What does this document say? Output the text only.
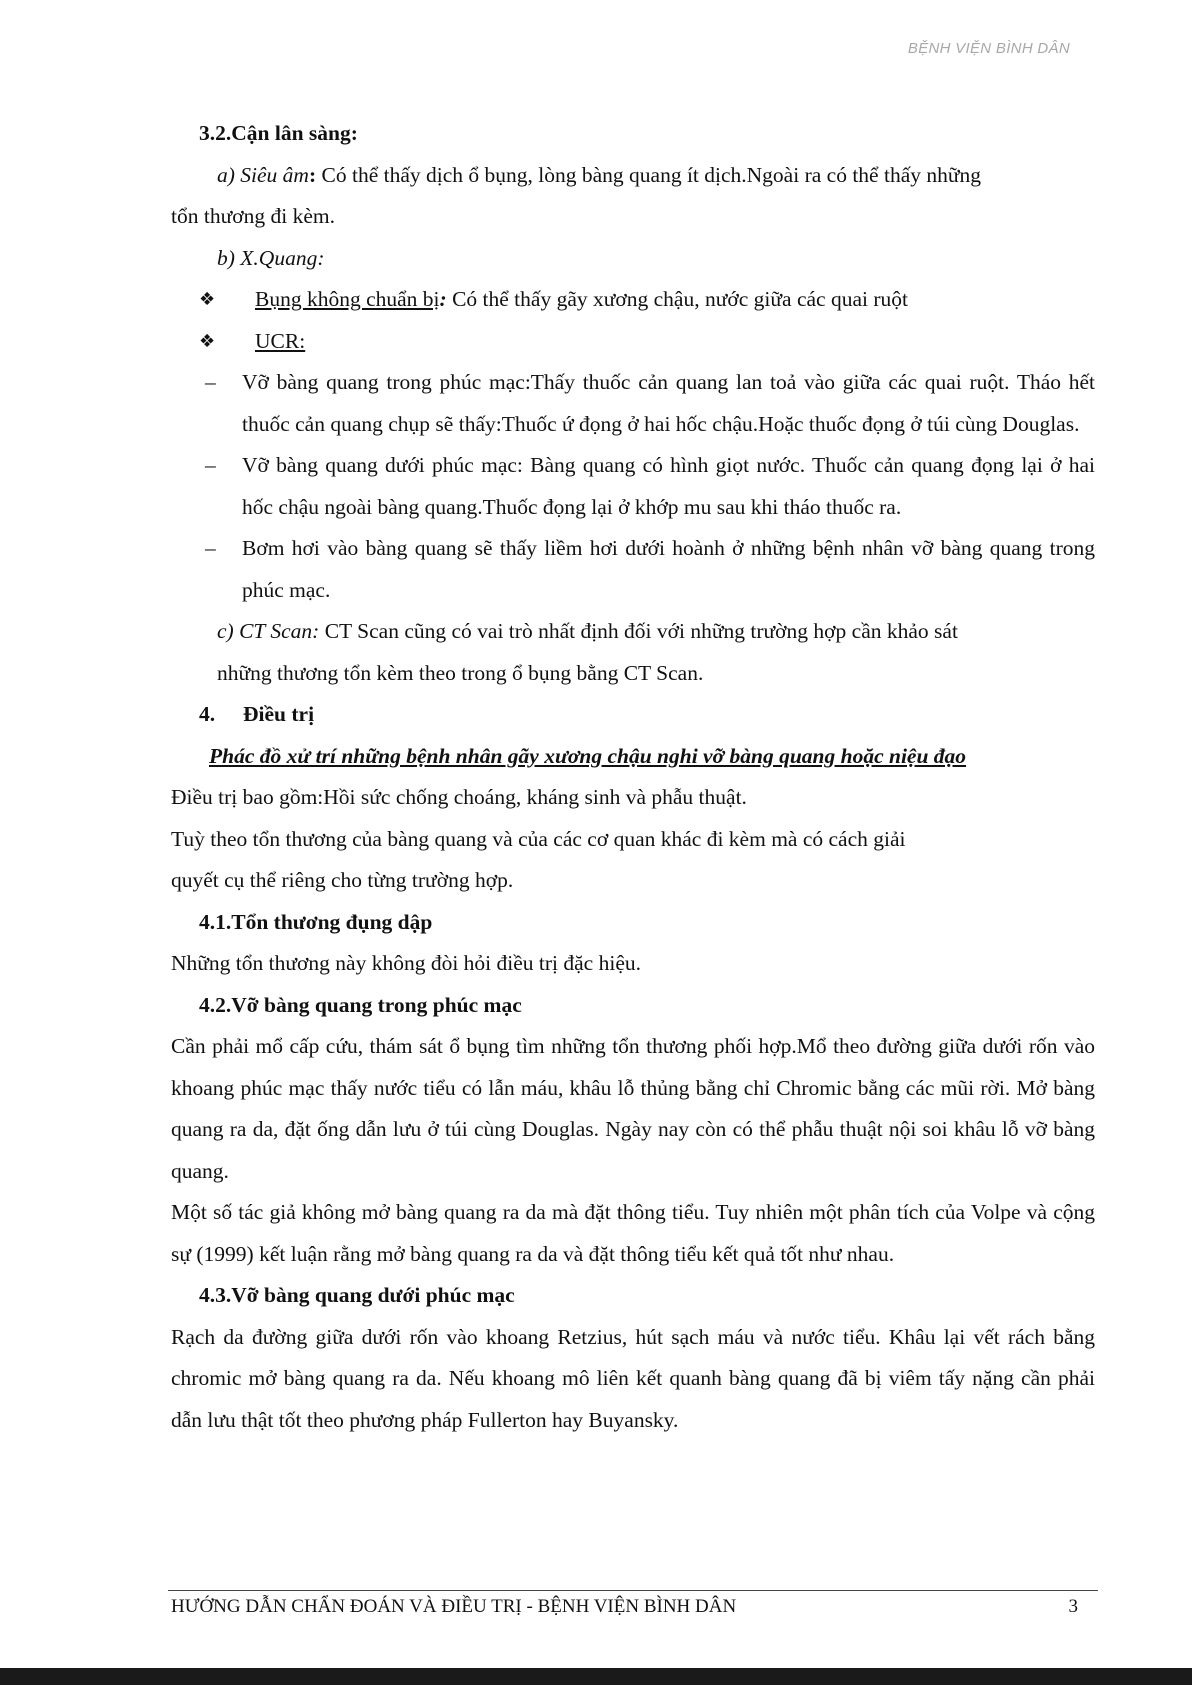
BỆNH VIỆN BÌNH DÂN

3.2.Cận lân sàng:

a) Siêu âm: Có thể thấy dịch ổ bụng, lòng bàng quang ít dịch.Ngoài ra có thể thấy những

tổn thương đi kèm.

b) X.Quang:

❖	Bụng không chuẩn bị: Có thể thấy gãy xương chậu, nước giữa các quai ruột
❖	UCR:
–	Vỡ bàng quang trong phúc mạc:Thấy thuốc cản quang lan toả vào giữa các quai ruột. Tháo hết thuốc cản quang chụp sẽ thấy:Thuốc ứ đọng ở hai hốc chậu.Hoặc thuốc đọng ở túi cùng Douglas.
–	Vỡ bàng quang dưới phúc mạc: Bàng quang có hình giọt nước. Thuốc cản quang đọng lại ở hai hốc chậu ngoài bàng quang.Thuốc đọng lại ở khớp mu sau khi tháo thuốc ra.
–	Bơm hơi vào bàng quang sẽ thấy liềm hơi dưới hoành ở những bệnh nhân vỡ bàng quang trong phúc mạc.

c) CT Scan: CT Scan cũng có vai trò nhất định đối với những trường hợp cần khảo sát

những thương tổn kèm theo trong ổ bụng bằng CT Scan.

4.	Điều trị

Phác đồ xử trí những bệnh nhân gãy xương chậu nghi vỡ bàng quang hoặc niệu đạo

Điều trị bao gồm:Hồi sức chống choáng, kháng sinh và phẫu thuật.

Tuỳ theo tổn thương của bàng quang và của các cơ quan khác đi kèm mà có cách giải

quyết cụ thể riêng cho từng trường hợp.

4.1.Tổn thương đụng dập

Những tổn thương này không đòi hỏi điều trị đặc hiệu.

4.2.Vỡ bàng quang trong phúc mạc

Cần phải mổ cấp cứu, thám sát ổ bụng tìm những tổn thương phối hợp.Mổ theo đường giữa dưới rốn vào khoang phúc mạc thấy nước tiểu có lẫn máu, khâu lỗ thủng bằng chỉ Chromic bằng các mũi rời. Mở bàng quang ra da, đặt ống dẫn lưu ở túi cùng Douglas. Ngày nay còn có thể phẫu thuật nội soi khâu lỗ vỡ bàng quang.

Một số tác giả không mở bàng quang ra da mà đặt thông tiểu. Tuy nhiên một phân tích của Volpe và cộng sự (1999) kết luận rằng mở bàng quang ra da và đặt thông tiểu kết quả tốt như nhau.

4.3.Vỡ bàng quang dưới phúc mạc

Rạch da đường giữa dưới rốn vào khoang Retzius, hút sạch máu và nước tiểu. Khâu lại vết rách bằng chromic mở bàng quang ra da. Nếu khoang mô liên kết quanh bàng quang đã bị viêm tấy nặng cần phải dẫn lưu thật tốt theo phương pháp Fullerton hay Buyansky.

HƯỚNG DẪN CHẨN ĐOÁN VÀ ĐIỀU TRỊ - BỆNH VIỆN BÌNH DÂN	3
